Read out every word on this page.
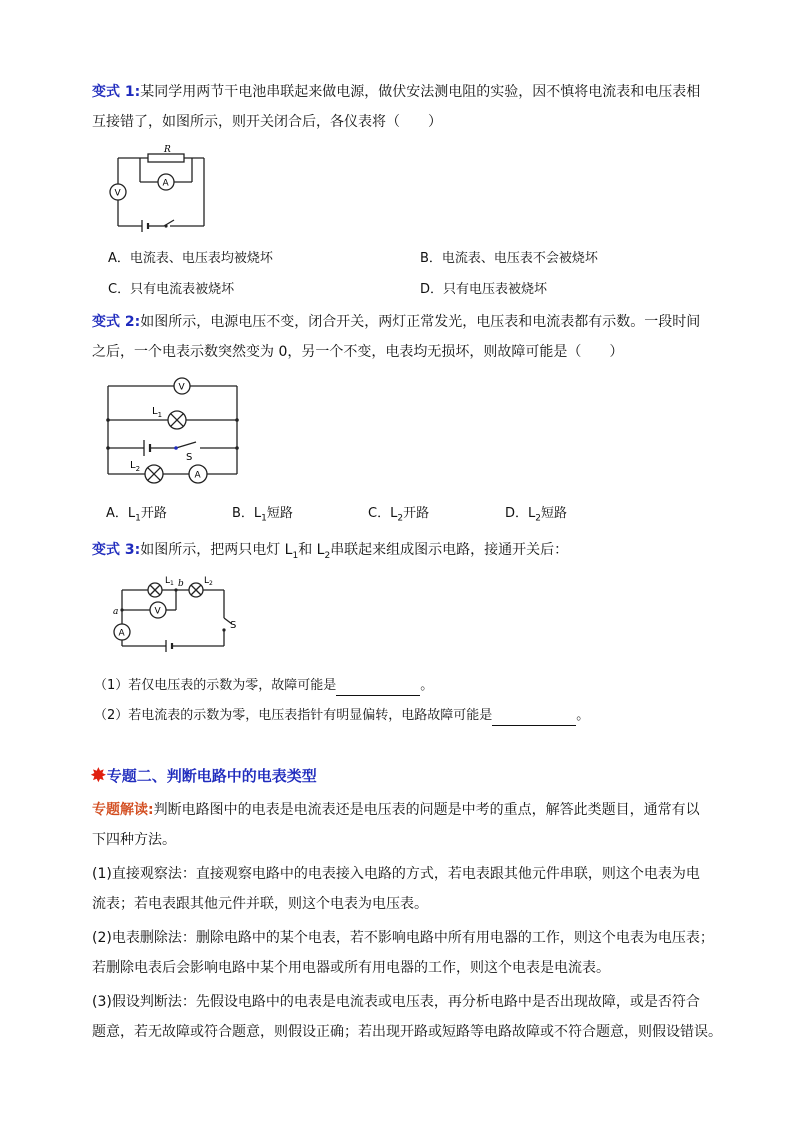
变式 1:某同学用两节干电池串联起来做电源，做伏安法测电阻的实验，因不慎将电流表和电压表相
互接错了，如图所示，则开关闭合后，各仪表将（　　）
R
A
V
A．电流表、电压表均被烧坏	B．电流表、电压表不会被烧坏
C．只有电流表被烧坏	D．只有电压表被烧坏
变式 2:如图所示，电源电压不变，闭合开关，两灯正常发光，电压表和电流表都有示数。一段时间
之后，一个电表示数突然变为 0，另一个不变，电表均无损坏，则故障可能是（　　）
V
A
$L_1$
$L_2$
S
A．$L_1$开路	B．$L_1$短路	C．$L_2$开路	D．$L_2$短路
变式 3:如图所示，把两只电灯 $L_1$和 $L_2$串联起来组成图示电路，接通开关后：
V
A
a
b
$L_1$	$L_2$
S
（1）若仅电压表的示数为零，故障可能是	。
（2）若电流表的示数为零，电压表指针有明显偏转，电路故障可能是	。
✸专题二、判断电路中的电表类型
专题解读:判断电路图中的电表是电流表还是电压表的问题是中考的重点，解答此类题目，通常有以
下四种方法。
(1)直接观察法：直接观察电路中的电表接入电路的方式，若电表跟其他元件串联，则这个电表为电
流表；若电表跟其他元件并联，则这个电表为电压表。
(2)电表删除法：删除电路中的某个电表，若不影响电路中所有用电器的工作，则这个电表为电压表；
若删除电表后会影响电路中某个用电器或所有用电器的工作，则这个电表是电流表。
(3)假设判断法：先假设电路中的电表是电流表或电压表，再分析电路中是否出现故障，或是否符合
题意，若无故障或符合题意，则假设正确；若出现开路或短路等电路故障或不符合题意，则假设错误。
